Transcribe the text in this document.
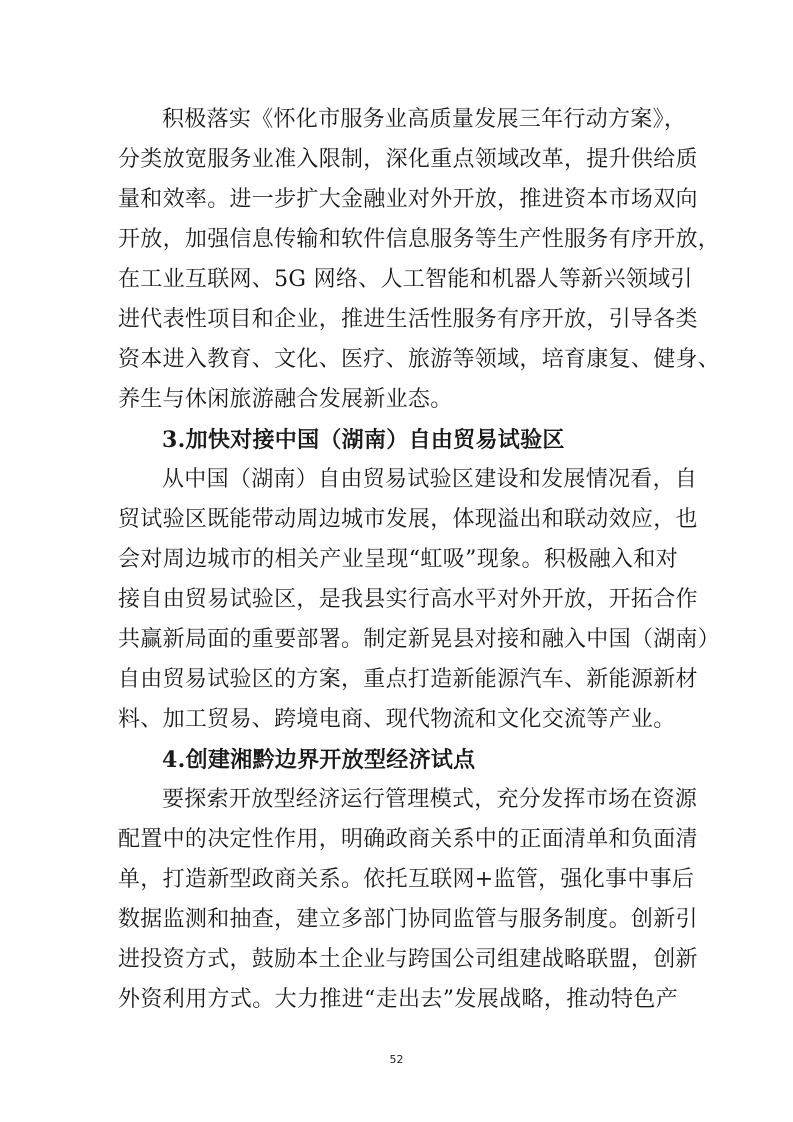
积极落实《怀化市服务业高质量发展三年行动方案》，
分类放宽服务业准入限制，深化重点领域改革，提升供给质
量和效率。进一步扩大金融业对外开放，推进资本市场双向
开放，加强信息传输和软件信息服务等生产性服务有序开放，
在工业互联网、5G 网络、人工智能和机器人等新兴领域引
进代表性项目和企业，推进生活性服务有序开放，引导各类
资本进入教育、文化、医疗、旅游等领域，培育康复、健身、
养生与休闲旅游融合发展新业态。
3.加快对接中国（湖南）自由贸易试验区
从中国（湖南）自由贸易试验区建设和发展情况看，自
贸试验区既能带动周边城市发展，体现溢出和联动效应，也
会对周边城市的相关产业呈现“虹吸”现象。积极融入和对
接自由贸易试验区，是我县实行高水平对外开放，开拓合作
共赢新局面的重要部署。制定新晃县对接和融入中国（湖南）
自由贸易试验区的方案，重点打造新能源汽车、新能源新材
料、加工贸易、跨境电商、现代物流和文化交流等产业。
4.创建湘黔边界开放型经济试点
要探索开放型经济运行管理模式，充分发挥市场在资源
配置中的决定性作用，明确政商关系中的正面清单和负面清
单，打造新型政商关系。依托互联网+监管，强化事中事后
数据监测和抽查，建立多部门协同监管与服务制度。创新引
进投资方式，鼓励本土企业与跨国公司组建战略联盟，创新
外资利用方式。大力推进“走出去”发展战略，推动特色产
52
